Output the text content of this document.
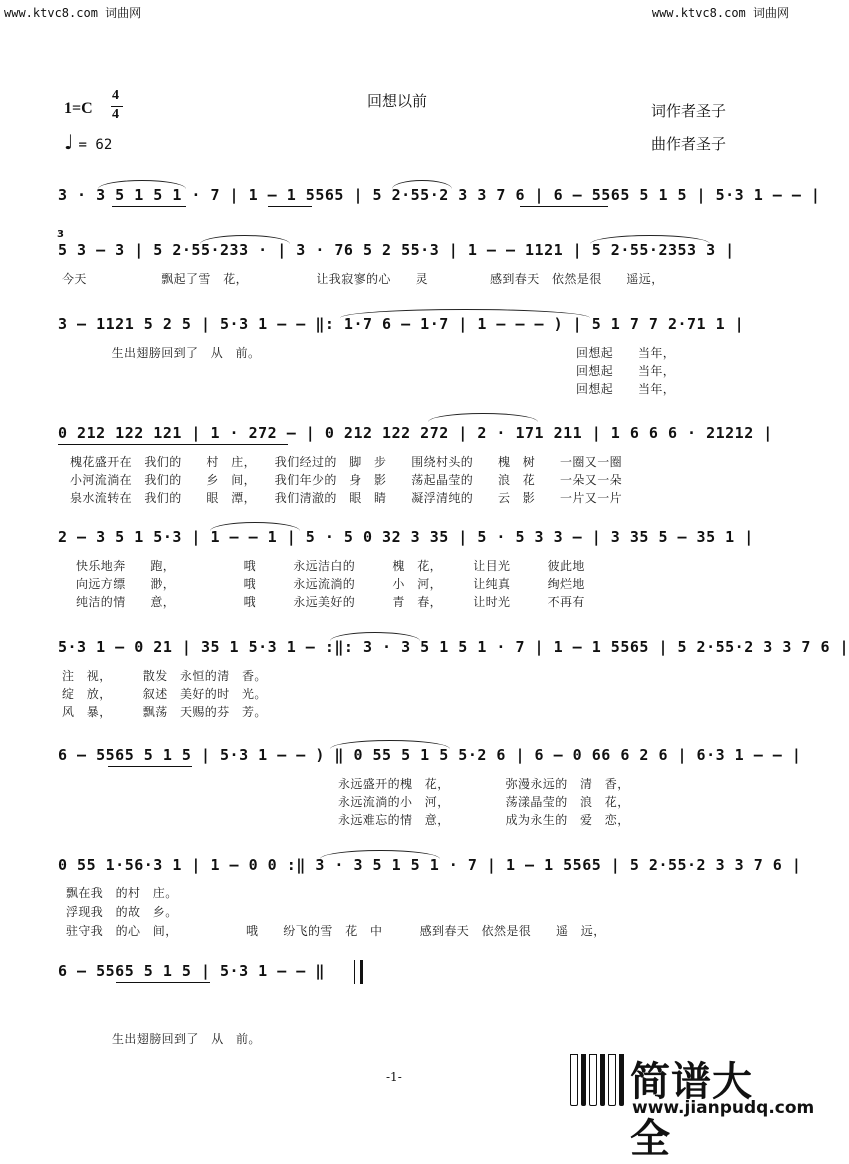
www.ktvc8.com 词曲网	www.ktvc8.com 词曲网
1=C
4
4
♩ = 62
回想以前
词作者圣子
曲作者圣子
3
3 · 3 5 1 5 1 · 7 | 1 — 1 5565 | 5 2·55·2 3 3 7 6 | 6 — 5565 5 1 5 | 5·3 1 — — |
5 3 — 3 | 5 2·55·233 · | 3 · 76 5 2 55·3 | 1 — — 1121 | 5 2·55·2353 3 |
今天　　　　　　飘起了雪　花，　　　　　　让我寂寥的心　　灵　　　　　感到春天　依然是很　　遥远，
3 — 1121 5 2 5 | 5·3 1 — — ‖: 1·7 6 — 1·7 | 1 — — — ) | 5 1 7 7 2·71 1 |
　　　　生出翅膀回到了　从　前。	回想起　　当年，
回想起　　当年，
回想起　　当年，
0 212 122 121 | 1 · 272 — | 0 212 122 272 | 2 · 171 211 | 1 6 6 6 · 21212 |
槐花盛开在　我们的　　村　庄，　　我们经过的　脚　步　　围绕村头的　　槐　树　　一圈又一圈
小河流淌在　我们的　　乡　间，　　我们年少的　身　影　　荡起晶莹的　　浪　花　　一朵又一朵
泉水流转在　我们的　　眼　潭，　　我们清澈的　眼　睛　　凝浮清纯的　　云　影　　一片又一片
2 — 3 5 1 5·3 | 1 — — 1 | 5 · 5 0 32 3 35 | 5 · 5 3 3 — | 3 35 5 — 35 1 |
快乐地奔　　跑，　　　　　　哦　　　永远洁白的　　　槐　花，　　　让目光　　　彼此地
向远方缥　　渺，　　　　　　哦　　　永远流淌的　　　小　河，　　　让纯真　　　绚烂地
纯洁的情　　意，　　　　　　哦　　　永远美好的　　　青　春，　　　让时光　　　不再有
5·3 1 — 0 21 | 35 1 5·3 1 — :‖: 3 · 3 5 1 5 1 · 7 | 1 — 1 5565 | 5 2·55·2 3 3 7 6 |
注　视，　　　散发　永恒的清　香。
绽　放，　　　叙述　美好的时　光。
风　暴，　　　飘荡　天赐的芬　芳。
6 — 5565 5 1 5 | 5·3 1 — — ) ‖ 0 55 5 1 5 5·2 6 | 6 — 0 66 6 2 6 | 6·3 1 — — |
永远盛开的槐　花，　　　　　弥漫永远的　清　香，
永远流淌的小　河，　　　　　荡漾晶莹的　浪　花，
永远难忘的情　意，　　　　　成为永生的　爱　恋，
0 55 1·56·3 1 | 1 — 0 0 :‖ 3 · 3 5 1 5 1 · 7 | 1 — 1 5565 | 5 2·55·2 3 3 7 6 |
飘在我　的村　庄。
浮现我　的故　乡。
驻守我　的心　间，　　　　　　哦　　纷飞的雪　花　中　　　感到春天　依然是很　　遥　远，
6 — 5565 5 1 5 | 5·3 1 — — ‖
生出翅膀回到了　从　前。
-1-	简谱大全
www.jianpudq.com
